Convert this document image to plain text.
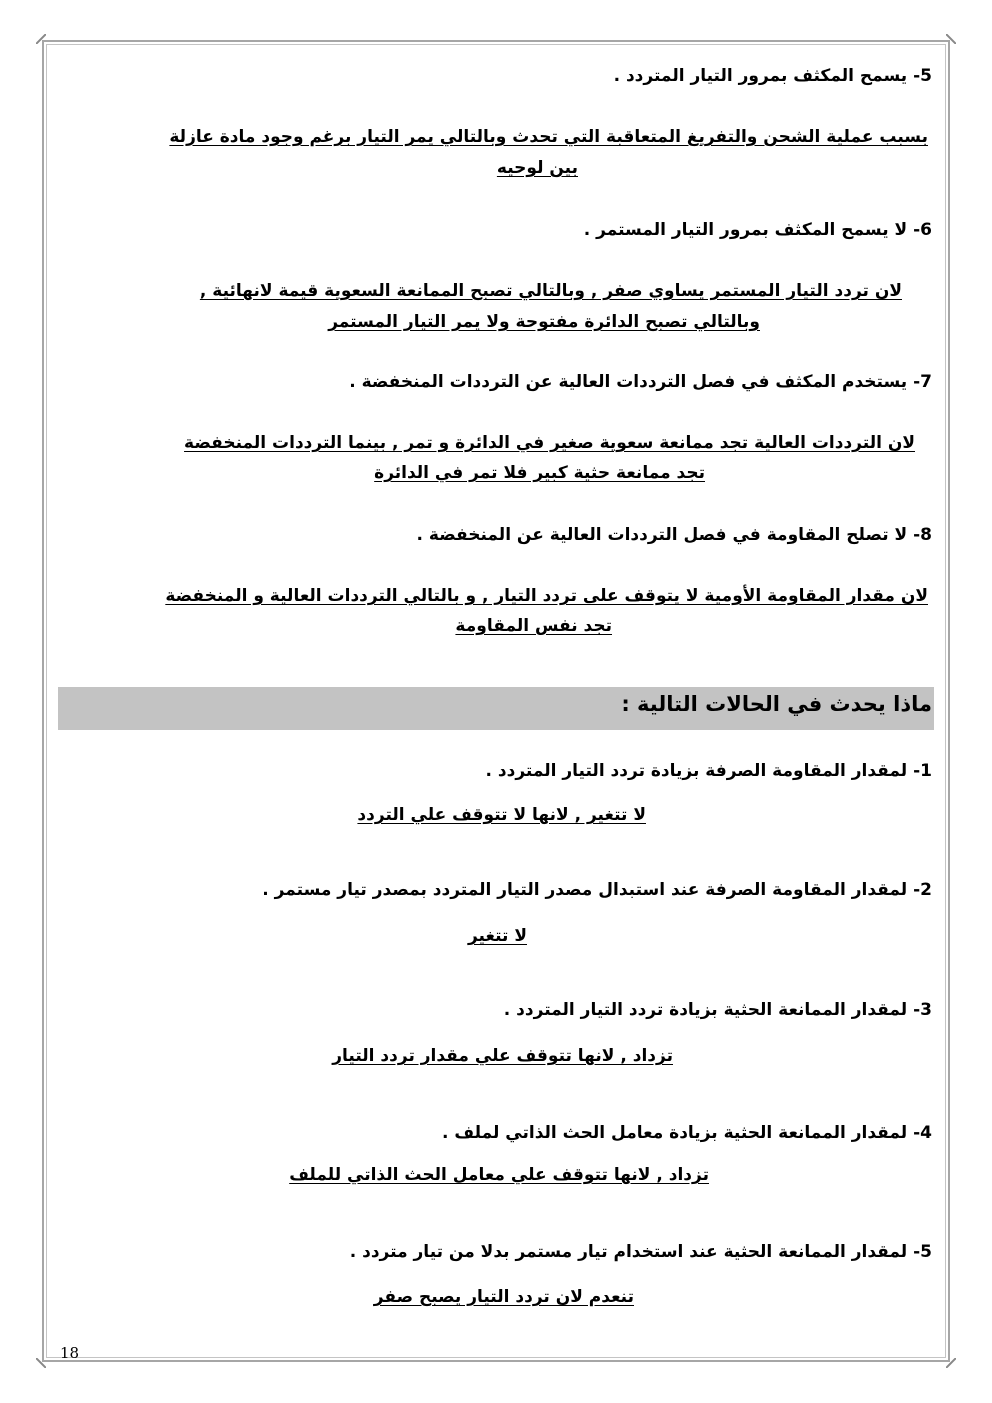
5- يسمح المكثف بمرور التيار المتردد .
بسبب عملية الشحن والتفريغ المتعاقبة التي تحدث وبالتالي يمر التيار برغم وجود مادة عازلة
بين لوحيه
6- لا يسمح المكثف بمرور التيار المستمر .
لان تردد التيار المستمر يساوي صفر , وبالتالي تصبح الممانعة السعوية قيمة لانهائية ,
وبالتالي تصبح الدائرة مفتوحة ولا يمر التيار المستمر
7- يستخدم المكثف في فصل الترددات العالية عن الترددات المنخفضة .
لان الترددات العالية تجد ممانعة سعوية صغير في الدائرة و تمر , بينما الترددات المنخفضة
تجد ممانعة حثية كبير فلا تمر في الدائرة
8- لا تصلح المقاومة في فصل الترددات العالية عن المنخفضة .
لان مقدار المقاومة الأومية لا يتوقف على تردد التيار , و بالتالي الترددات العالية و المنخفضة
تجد نفس المقاومة
ماذا يحدث في الحالات التالية :
1- لمقدار المقاومة الصرفة بزيادة تردد التيار المتردد .
لا تتغير , لانها لا تتوقف علي التردد
2- لمقدار المقاومة الصرفة عند استبدال مصدر التيار المتردد بمصدر تيار مستمر .
لا تتغير
3- لمقدار الممانعة الحثية بزيادة تردد التيار المتردد .
تزداد , لانها تتوقف علي مقدار تردد التيار
4- لمقدار الممانعة الحثية بزيادة معامل الحث الذاتي لملف .
تزداد , لانها تتوقف علي معامل الحث الذاتي للملف
5- لمقدار الممانعة الحثية عند استخدام تيار مستمر بدلا من تيار متردد .
تنعدم لان تردد التيار يصبح صفر
18
